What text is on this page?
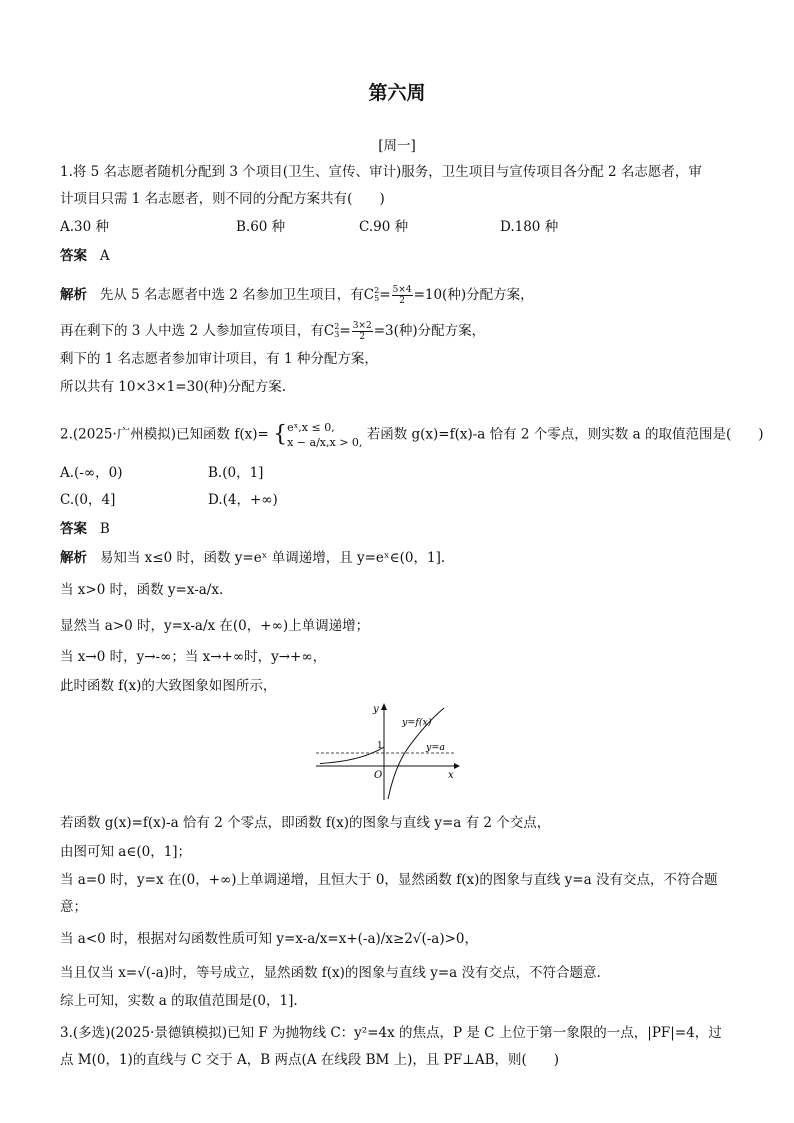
第六周
[周一]
1.将 5 名志愿者随机分配到 3 个项目(卫生、宣传、审计)服务，卫生项目与宣传项目各分配 2 名志愿者，审
计项目只需 1 名志愿者，则不同的分配方案共有(　　)
A.30 种	B.60 种	C.90 种	D.180 种
答案 A
解析 先从 5 名志愿者中选 2 名参加卫生项目，有$C5^2= \frac{5\times 4}{2} =10$(种)分配方案，
再在剩下的 3 人中选 2 人参加宣传项目，有$C3^2= \frac{3\times 2}{2} =3$(种)分配方案，
剩下的 1 名志愿者参加审计项目，有 1 种分配方案，
所以共有 10×3×1=30(种)分配方案.
2.(2025·广州模拟)已知函数 f(x)= { eˣ,x ≤ 0,
x − a/x,x > 0, 若函数 g(x)=f(x)-a 恰有 2 个零点，则实数 a 的取值范围是(　　)
A.(-∞，0)	B.(0，1]
C.(0，4]	D.(4，+∞)
答案 B
解析 易知当 x≤0 时，函数 y=eˣ 单调递增，且 y=eˣ∈(0，1].
当 x>0 时，函数 y=x-a/x.
显然当 a>0 时，y=x-a/x 在(0，+∞)上单调递增；
当 x→0 时，y→-∞；当 x→+∞时，y→+∞，
此时函数 f(x)的大致图象如图所示，
y
x
O
1
y=f(x)
y=a
若函数 g(x)=f(x)-a 恰有 2 个零点，即函数 f(x)的图象与直线 y=a 有 2 个交点，
由图可知 a∈(0，1]；
当 a=0 时，y=x 在(0，+∞)上单调递增，且恒大于 0，显然函数 f(x)的图象与直线 y=a 没有交点，不符合题
意；
当 a<0 时，根据对勾函数性质可知 y=x-a/x=x+(-a)/x≥2√(-a)>0，
当且仅当 x=√(-a)时，等号成立，显然函数 f(x)的图象与直线 y=a 没有交点，不符合题意.
综上可知，实数 a 的取值范围是(0，1].
3.(多选)(2025·景德镇模拟)已知 F 为抛物线 C：y²=4x 的焦点，P 是 C 上位于第一象限的一点，|PF|=4，过
点 M(0，1)的直线与 C 交于 A，B 两点(A 在线段 BM 上)，且 PF⊥AB，则(　　)
